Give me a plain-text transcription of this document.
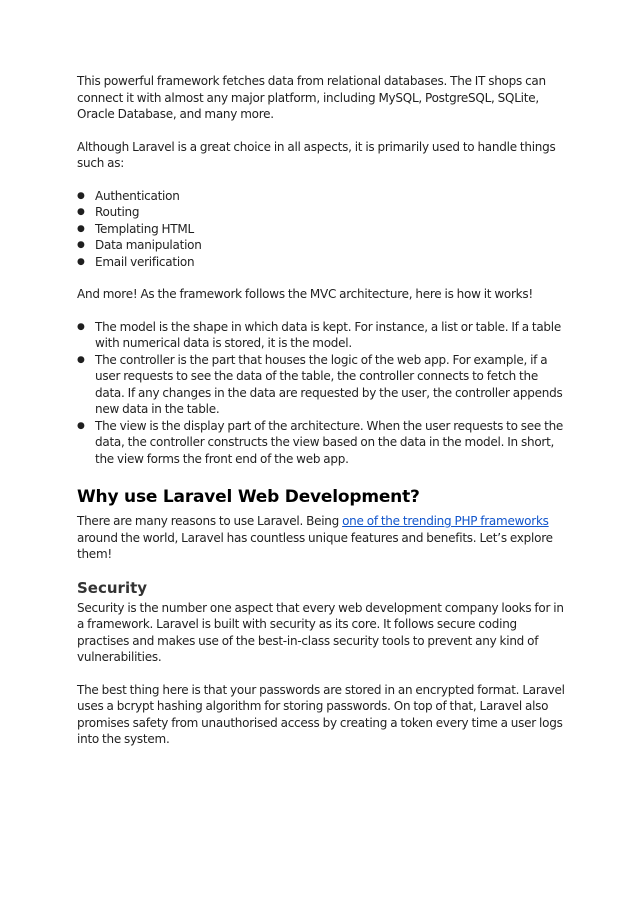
This powerful framework fetches data from relational databases. The IT shops can connect it with almost any major platform, including MySQL, PostgreSQL, SQLite, Oracle Database, and many more.

Although Laravel is a great choice in all aspects, it is primarily used to handle things such as:

● Authentication
● Routing
● Templating HTML
● Data manipulation
● Email verification

And more! As the framework follows the MVC architecture, here is how it works!

● The model is the shape in which data is kept. For instance, a list or table. If a table with numerical data is stored, it is the model.
● The controller is the part that houses the logic of the web app. For example, if a user requests to see the data of the table, the controller connects to fetch the data. If any changes in the data are requested by the user, the controller appends new data in the table.
● The view is the display part of the architecture. When the user requests to see the data, the controller constructs the view based on the data in the model. In short, the view forms the front end of the web app.
Why use Laravel Web Development?

There are many reasons to use Laravel. Being one of the trending PHP frameworks around the world, Laravel has countless unique features and benefits. Let’s explore them!

Security

Security is the number one aspect that every web development company looks for in a framework. Laravel is built with security as its core. It follows secure coding practises and makes use of the best-in-class security tools to prevent any kind of vulnerabilities.

The best thing here is that your passwords are stored in an encrypted format. Laravel uses a bcrypt hashing algorithm for storing passwords. On top of that, Laravel also promises safety from unauthorised access by creating a token every time a user logs into the system.
